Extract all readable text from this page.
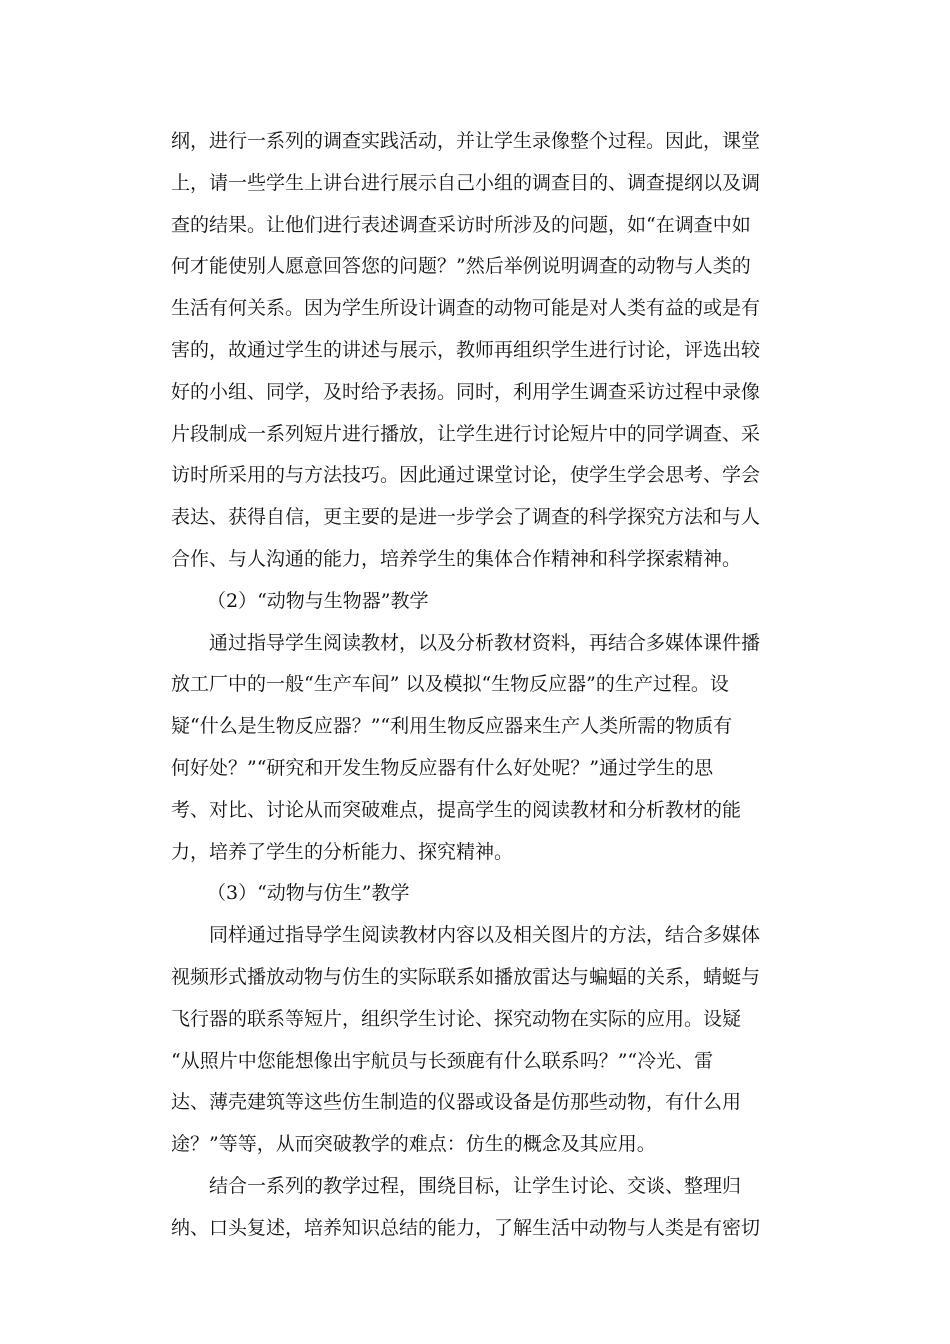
纲，进行一系列的调查实践活动，并让学生录像整个过程。因此，课堂
上，请一些学生上讲台进行展示自己小组的调查目的、调查提纲以及调
查的结果。让他们进行表述调查采访时所涉及的问题，如“在调查中如
何才能使别人愿意回答您的问题？”然后举例说明调查的动物与人类的
生活有何关系。因为学生所设计调查的动物可能是对人类有益的或是有
害的，故通过学生的讲述与展示，教师再组织学生进行讨论，评选出较
好的小组、同学，及时给予表扬。同时，利用学生调查采访过程中录像
片段制成一系列短片进行播放，让学生进行讨论短片中的同学调查、采
访时所采用的与方法技巧。因此通过课堂讨论，使学生学会思考、学会
表达、获得自信，更主要的是进一步学会了调查的科学探究方法和与人
合作、与人沟通的能力，培养学生的集体合作精神和科学探索精神。
（2）“动物与生物器”教学
通过指导学生阅读教材，以及分析教材资料，再结合多媒体课件播
放工厂中的一般“生产车间” 以及模拟“生物反应器”的生产过程。设
疑“什么是生物反应器？”“利用生物反应器来生产人类所需的物质有
何好处？”“研究和开发生物反应器有什么好处呢？”通过学生的思
考、对比、讨论从而突破难点，提高学生的阅读教材和分析教材的能
力，培养了学生的分析能力、探究精神。
（3）“动物与仿生”教学
同样通过指导学生阅读教材内容以及相关图片的方法，结合多媒体
视频形式播放动物与仿生的实际联系如播放雷达与蝙蝠的关系，蜻蜓与
飞行器的联系等短片，组织学生讨论、探究动物在实际的应用。设疑
“从照片中您能想像出宇航员与长颈鹿有什么联系吗？”“冷光、雷
达、薄壳建筑等这些仿生制造的仪器或设备是仿那些动物，有什么用
途？”等等，从而突破教学的难点：仿生的概念及其应用。
结合一系列的教学过程，围绕目标，让学生讨论、交谈、整理归
纳、口头复述，培养知识总结的能力，了解生活中动物与人类是有密切
